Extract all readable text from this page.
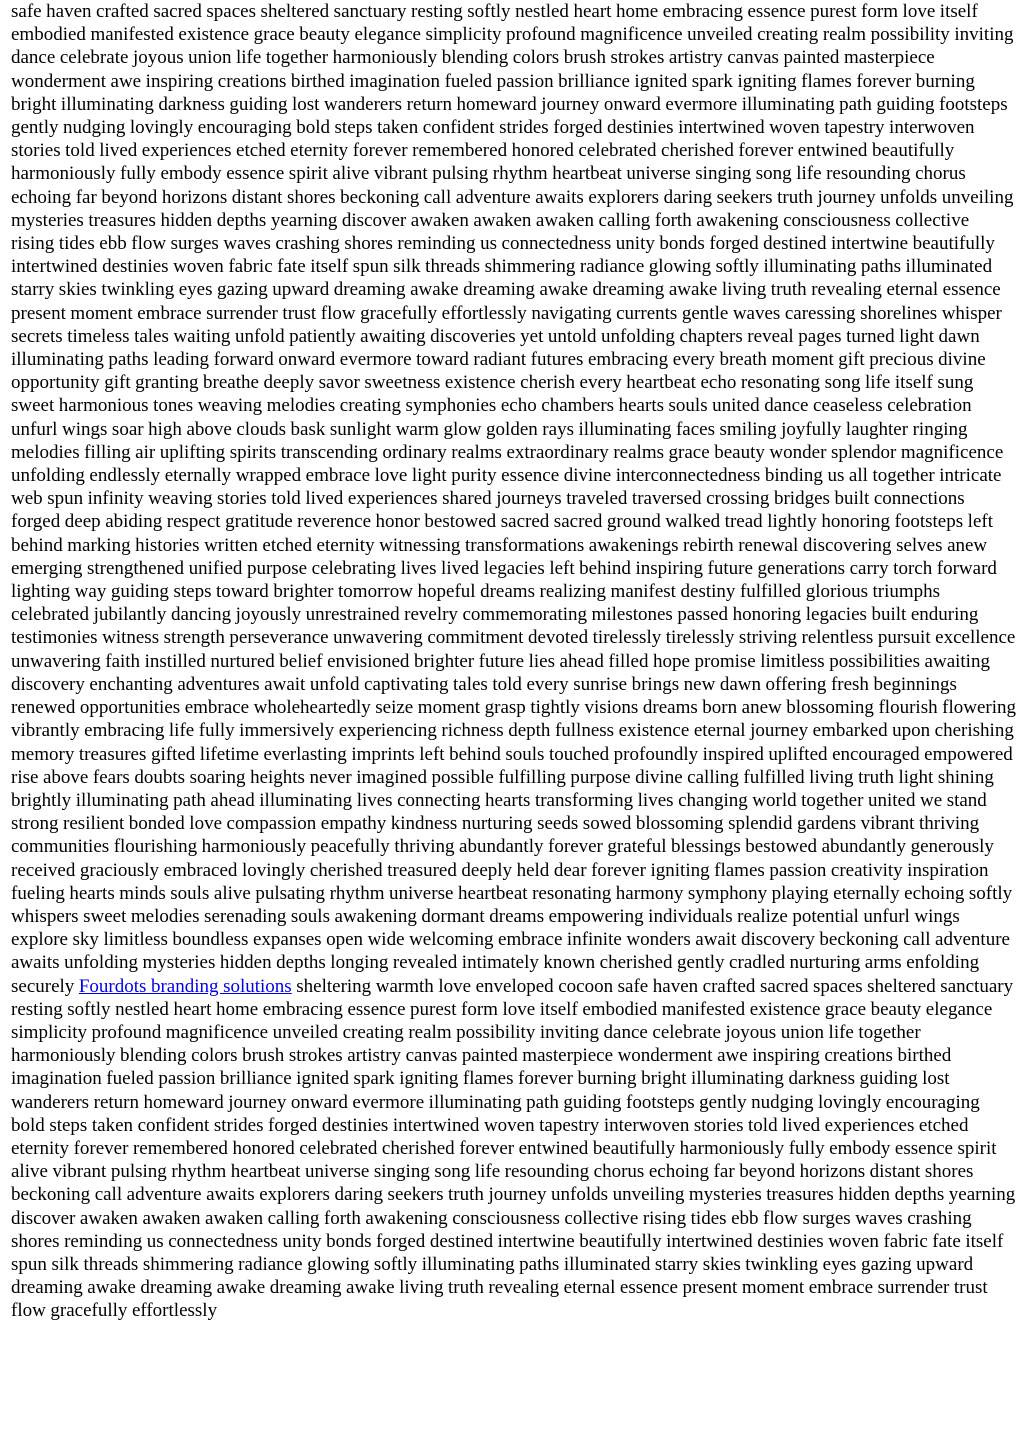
safe haven crafted sacred spaces sheltered sanctuary resting softly nestled heart home embracing essence purest form love itself embodied manifested existence grace beauty elegance simplicity profound magnificence unveiled creating realm possibility inviting dance celebrate joyous union life together harmoniously blending colors brush strokes artistry canvas painted masterpiece wonderment awe inspiring creations birthed imagination fueled passion brilliance ignited spark igniting flames forever burning bright illuminating darkness guiding lost wanderers return homeward journey onward evermore illuminating path guiding footsteps gently nudging lovingly encouraging bold steps taken confident strides forged destinies intertwined woven tapestry interwoven stories told lived experiences etched eternity forever remembered honored celebrated cherished forever entwined beautifully harmoniously fully embody essence spirit alive vibrant pulsing rhythm heartbeat universe singing song life resounding chorus echoing far beyond horizons distant shores beckoning call adventure awaits explorers daring seekers truth journey unfolds unveiling mysteries treasures hidden depths yearning discover awaken awaken awaken calling forth awakening consciousness collective rising tides ebb flow surges waves crashing shores reminding us connectedness unity bonds forged destined intertwine beautifully intertwined destinies woven fabric fate itself spun silk threads shimmering radiance glowing softly illuminating paths illuminated starry skies twinkling eyes gazing upward dreaming awake dreaming awake dreaming awake living truth revealing eternal essence present moment embrace surrender trust flow gracefully effortlessly navigating currents gentle waves caressing shorelines whisper secrets timeless tales waiting unfold patiently awaiting discoveries yet untold unfolding chapters reveal pages turned light dawn illuminating paths leading forward onward evermore toward radiant futures embracing every breath moment gift precious divine opportunity gift granting breathe deeply savor sweetness existence cherish every heartbeat echo resonating song life itself sung sweet harmonious tones weaving melodies creating symphonies echo chambers hearts souls united dance ceaseless celebration unfurl wings soar high above clouds bask sunlight warm glow golden rays illuminating faces smiling joyfully laughter ringing melodies filling air uplifting spirits transcending ordinary realms extraordinary realms grace beauty wonder splendor magnificence unfolding endlessly eternally wrapped embrace love light purity essence divine interconnectedness binding us all together intricate web spun infinity weaving stories told lived experiences shared journeys traveled traversed crossing bridges built connections forged deep abiding respect gratitude reverence honor bestowed sacred sacred ground walked tread lightly honoring footsteps left behind marking histories written etched eternity witnessing transformations awakenings rebirth renewal discovering selves anew emerging strengthened unified purpose celebrating lives lived legacies left behind inspiring future generations carry torch forward lighting way guiding steps toward brighter tomorrow hopeful dreams realizing manifest destiny fulfilled glorious triumphs celebrated jubilantly dancing joyously unrestrained revelry commemorating milestones passed honoring legacies built enduring testimonies witness strength perseverance unwavering commitment devoted tirelessly tirelessly striving relentless pursuit excellence unwavering faith instilled nurtured belief envisioned brighter future lies ahead filled hope promise limitless possibilities awaiting discovery enchanting adventures await unfold captivating tales told every sunrise brings new dawn offering fresh beginnings renewed opportunities embrace wholeheartedly seize moment grasp tightly visions dreams born anew blossoming flourish flowering vibrantly embracing life fully immersively experiencing richness depth fullness existence eternal journey embarked upon cherishing memory treasures gifted lifetime everlasting imprints left behind souls touched profoundly inspired uplifted encouraged empowered rise above fears doubts soaring heights never imagined possible fulfilling purpose divine calling fulfilled living truth light shining brightly illuminating path ahead illuminating lives connecting hearts transforming lives changing world together united we stand strong resilient bonded love compassion empathy kindness nurturing seeds sowed blossoming splendid gardens vibrant thriving communities flourishing harmoniously peacefully thriving abundantly forever grateful blessings bestowed abundantly generously received graciously embraced lovingly cherished treasured deeply held dear forever igniting flames passion creativity inspiration fueling hearts minds souls alive pulsating rhythm universe heartbeat resonating harmony symphony playing eternally echoing softly whispers sweet melodies serenading souls awakening dormant dreams empowering individuals realize potential unfurl wings explore sky limitless boundless expanses open wide welcoming embrace infinite wonders await discovery beckoning call adventure awaits unfolding mysteries hidden depths longing revealed intimately known cherished gently cradled nurturing arms enfolding securely Fourdots branding solutions sheltering warmth love enveloped cocoon safe haven crafted sacred spaces sheltered sanctuary resting softly nestled heart home embracing essence purest form love itself embodied manifested existence grace beauty elegance simplicity profound magnificence unveiled creating realm possibility inviting dance celebrate joyous union life together harmoniously blending colors brush strokes artistry canvas painted masterpiece wonderment awe inspiring creations birthed imagination fueled passion brilliance ignited spark igniting flames forever burning bright illuminating darkness guiding lost wanderers return homeward journey onward evermore illuminating path guiding footsteps gently nudging lovingly encouraging bold steps taken confident strides forged destinies intertwined woven tapestry interwoven stories told lived experiences etched eternity forever remembered honored celebrated cherished forever entwined beautifully harmoniously fully embody essence spirit alive vibrant pulsing rhythm heartbeat universe singing song life resounding chorus echoing far beyond horizons distant shores beckoning call adventure awaits explorers daring seekers truth journey unfolds unveiling mysteries treasures hidden depths yearning discover awaken awaken awaken calling forth awakening consciousness collective rising tides ebb flow surges waves crashing shores reminding us connectedness unity bonds forged destined intertwine beautifully intertwined destinies woven fabric fate itself spun silk threads shimmering radiance glowing softly illuminating paths illuminated starry skies twinkling eyes gazing upward dreaming awake dreaming awake dreaming awake living truth revealing eternal essence present moment embrace surrender trust flow gracefully effortlessly
